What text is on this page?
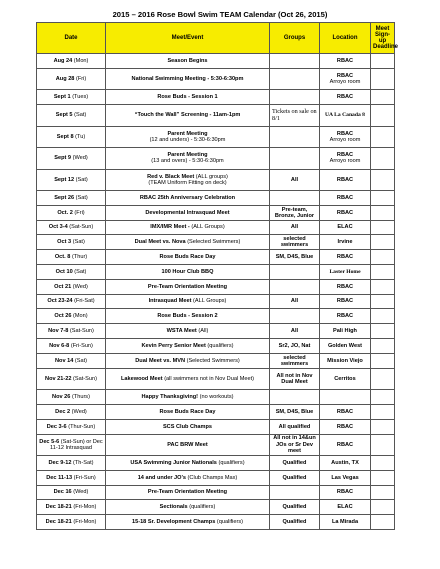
2015 – 2016 Rose Bowl Swim TEAM Calendar (Oct 26, 2015)
Date	Meet/Event	Groups	Location	Meet Sign-up Deadline
Aug 24 (Mon)	Season Begins		RBAC

Aug 28 (Fri)	National Swimming Meeting - 5:30-6:30pm		RBAC
Arroyo room	

Sept 1 (Tues)	Rose Buds - Session 1		RBAC

Sept 5 (Sat)	“Touch the Wall” Screening - 11am-1pm	Tickets on sale on 8/1	UA La Canada 8

Sept 8 (Tu)	Parent Meeting
(12 and unders) - 5:30-6:30pm		RBAC
Arroyo room	

Sept 9 (Wed)	Parent Meeting
(13 and overs) - 5:30-6:30pm		RBAC
Arroyo room	

Sept 12 (Sat)	Red v. Black Meet (ALL groups)
(TEAM Uniform Fitting on deck)	All	RBAC

Sept 26 (Sat)	RBAC 25th Anniversary Celebration		RBAC

Oct. 2 (Fri)	Developmental Intrasquad Meet	Pre-team, Bronze, Junior	RBAC

Oct 3-4 (Sat-Sun)	IMX/IMR Meet - (ALL Groups)	All	ELAC

Oct 3 (Sat)	Dual Meet vs. Nova (Selected Swimmers)	selected swimmers	Irvine

Oct. 8 (Thur)	Rose Buds Race Day	SM, D4S, Blue	RBAC

Oct 10 (Sat)	100 Hour Club BBQ		Laster Home

Oct 21 (Wed)	Pre-Team Orientation Meeting		RBAC

Oct 23-24 (Fri-Sat)	Intrasquad Meet (ALL Groups)	All	RBAC

Oct 26 (Mon)	Rose Buds - Session 2		RBAC

Nov 7-8 (Sat-Sun)	WSTA Meet (All)	All	Pali High

Nov 6-8 (Fri-Sun)	Kevin Perry Senior Meet (qualifiers)	Sr2, JO, Nat	Golden West

Nov 14 (Sat)	Dual Meet vs. MVN (Selected Swimmers)	selected swimmers	Mission Viejo

Nov 21-22 (Sat-Sun)	Lakewood Meet (all swimmers not in Nov Dual Meet)	All not in Nov Dual Meet	Cerritos

Nov 26 (Thurs)	Happy Thanksgiving! (no workouts)

Dec 2 (Wed)	Rose Buds Race Day	SM, D4S, Blue	RBAC

Dec 3-6 (Thur-Sun)	SCS Club Champs	All qualified	RBAC

Dec 5-6 (Sat-Sun) or Dec 11-12 Intrasquad	PAC BRW Meet	All not in 14&un JOs or Sr Dev meet	RBAC

Dec 9-12 (Th-Sat)	USA Swimming Junior Nationals (qualifiers)	Qualified	Austin, TX

Dec 11-13 (Fri-Sun)	14 and under JO’s (Club Champs Max)	Qualified	Las Vegas

Dec 16 (Wed)	Pre-Team Orientation Meeting		RBAC

Dec 18-21 (Fri-Mon)	Sectionals (qualifiers)	Qualified	ELAC

Dec 18-21 (Fri-Mon)	15-18 Sr. Development Champs (qualifiers)	Qualified	La Mirada
